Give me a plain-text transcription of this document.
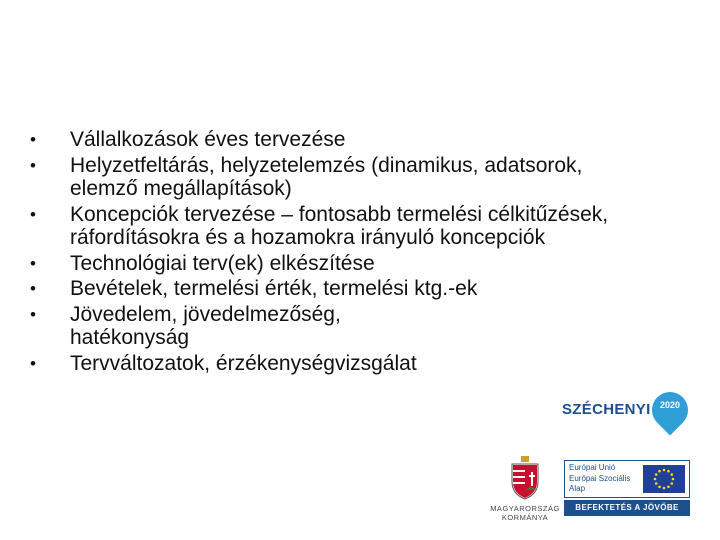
• Vállalkozások éves tervezése
• Helyzetfeltárás, helyzetelemzés (dinamikus, adatsorok, elemző megállapítások)
• Koncepciók tervezése – fontosabb termelési célkitűzések, ráfordításokra és a hozamokra irányuló koncepciók
• Technológiai terv(ek) elkészítése
• Bevételek, termelési érték, termelési ktg.-ek
• Jövedelem, jövedelmezőség, hatékonyság
• Tervváltozatok, érzékenységvizsgálat
SZÉCHENYI 2020
MAGYARORSZÁG
KORMÁNYA
Európai Unió
Európai Szociális
Alap
BEFEKTETÉS A JÖVŐBE
